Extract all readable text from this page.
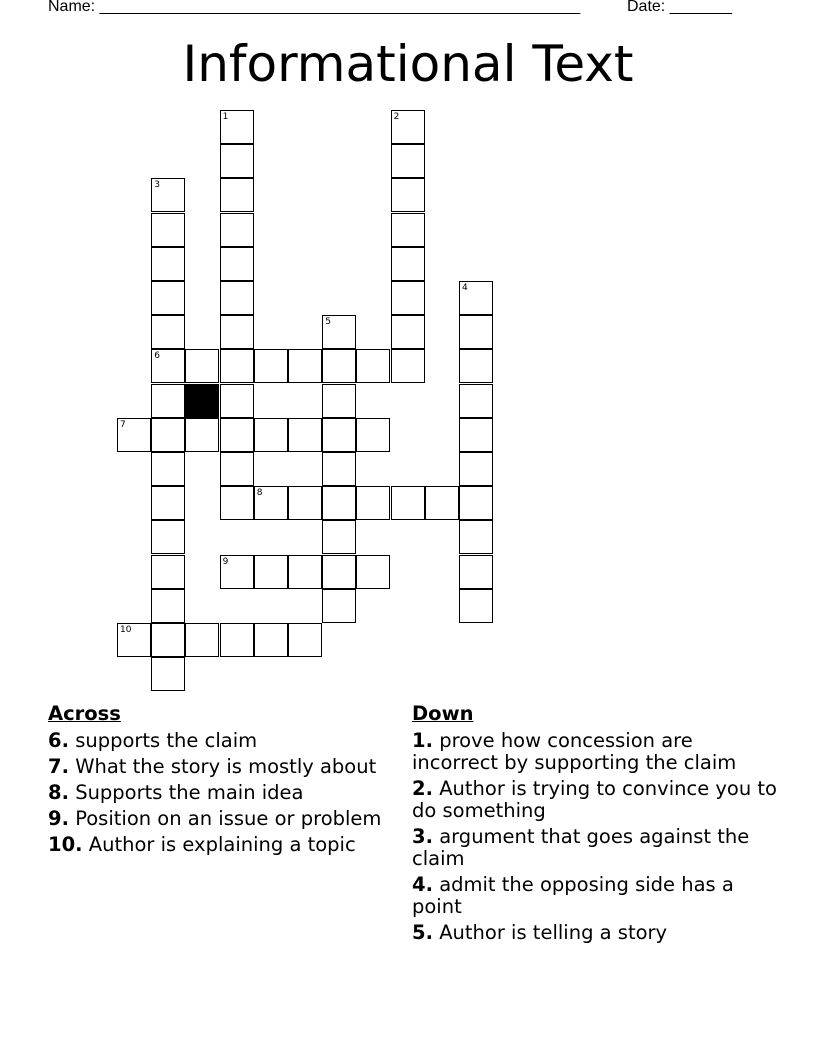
Name: ______________________________________________________	Date: _______
Informational Text
1	2
3
4
5
6
7
8
9
10
Across
6. supports the claim
7. What the story is mostly about
8. Supports the main idea
9. Position on an issue or problem
10. Author is explaining a topic
Down
1. prove how concession are incorrect by supporting the claim
2. Author is trying to convince you to do something
3. argument that goes against the claim
4. admit the opposing side has a point
5. Author is telling a story
